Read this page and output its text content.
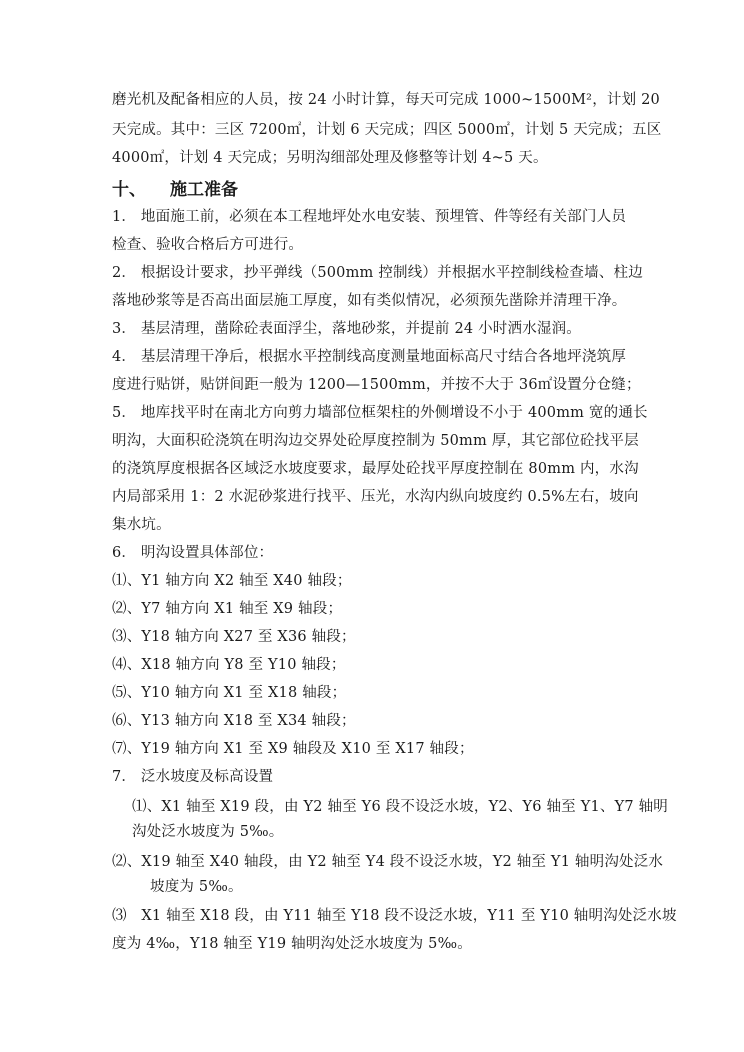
磨光机及配备相应的人员，按 24 小时计算，每天可完成 1000~1500M²，计划 20
天完成。其中：三区 7200㎡，计划 6 天完成；四区 5000㎡，计划 5 天完成；五区
4000㎡，计划 4 天完成；另明沟细部处理及修整等计划 4~5 天。
十、 施工准备
1． 地面施工前，必须在本工程地坪处水电安装、预埋管、件等经有关部门人员
检查、验收合格后方可进行。
2． 根据设计要求，抄平弹线（500mm 控制线）并根据水平控制线检查墙、柱边
落地砂浆等是否高出面层施工厚度，如有类似情况，必须预先凿除并清理干净。
3． 基层清理，凿除砼表面浮尘，落地砂浆，并提前 24 小时洒水湿润。
4． 基层清理干净后，根据水平控制线高度测量地面标高尺寸结合各地坪浇筑厚
度进行贴饼，贴饼间距一般为 1200—1500mm，并按不大于 36㎡设置分仓缝；
5． 地库找平时在南北方向剪力墙部位框架柱的外侧增设不小于 400mm 宽的通长
明沟，大面积砼浇筑在明沟边交界处砼厚度控制为 50mm 厚，其它部位砼找平层
的浇筑厚度根据各区域泛水坡度要求，最厚处砼找平厚度控制在 80mm 内，水沟
内局部采用 1：2 水泥砂浆进行找平、压光，水沟内纵向坡度约 0.5%左右，坡向
集水坑。
6． 明沟设置具体部位：
⑴、Y1 轴方向 X2 轴至 X40 轴段；
⑵、Y7 轴方向 X1 轴至 X9 轴段；
⑶、Y18 轴方向 X27 至 X36 轴段；
⑷、X18 轴方向 Y8 至 Y10 轴段；
⑸、Y10 轴方向 X1 至 X18 轴段；
⑹、Y13 轴方向 X18 至 X34 轴段；
⑺、Y19 轴方向 X1 至 X9 轴段及 X10 至 X17 轴段；
7． 泛水坡度及标高设置
⑴、X1 轴至 X19 段，由 Y2 轴至 Y6 段不设泛水坡，Y2、Y6 轴至 Y1、Y7 轴明
沟处泛水坡度为 5‰。
⑵、X19 轴至 X40 轴段，由 Y2 轴至 Y4 段不设泛水坡，Y2 轴至 Y1 轴明沟处泛水
坡度为 5‰。
⑶　X1 轴至 X18 段，由 Y11 轴至 Y18 段不设泛水坡，Y11 至 Y10 轴明沟处泛水坡
度为 4‰，Y18 轴至 Y19 轴明沟处泛水坡度为 5‰。
